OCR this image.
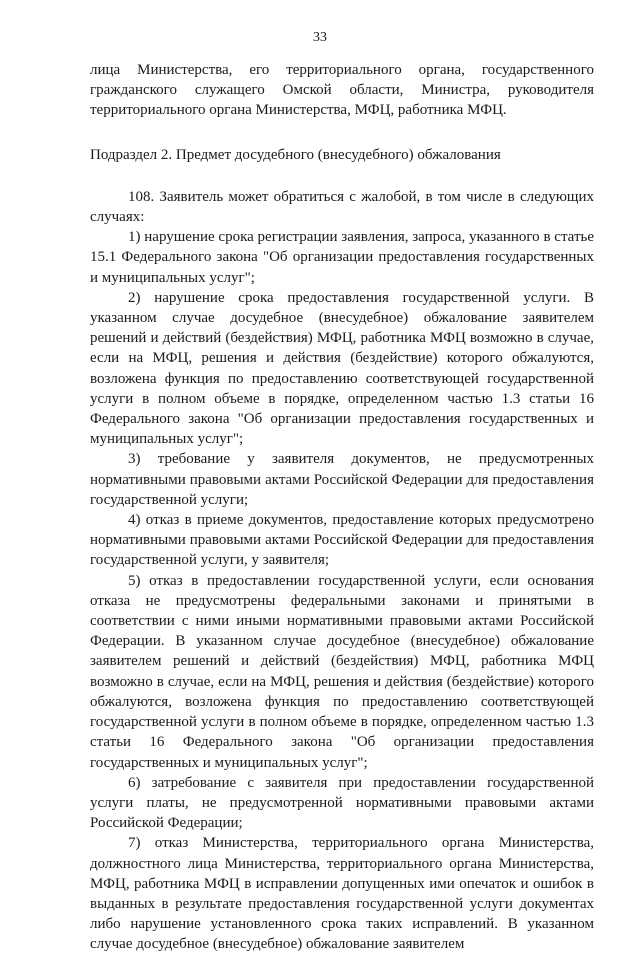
33

лица Министерства, его территориального органа, государственного гражданского служащего Омской области, Министра, руководителя территориального органа Министерства, МФЦ, работника МФЦ.

Подраздел 2. Предмет досудебного (внесудебного) обжалования

108. Заявитель может обратиться с жалобой, в том числе в следующих случаях:

1) нарушение срока регистрации заявления, запроса, указанного в статье 15.1 Федерального закона "Об организации предоставления государственных и муниципальных услуг";

2) нарушение срока предоставления государственной услуги. В указанном случае досудебное (внесудебное) обжалование заявителем решений и действий (бездействия) МФЦ, работника МФЦ возможно в случае, если на МФЦ, решения и действия (бездействие) которого обжалуются, возложена функция по предоставлению соответствующей государственной услуги в полном объеме в порядке, определенном частью 1.3 статьи 16 Федерального закона "Об организации предоставления государственных и муниципальных услуг";

3) требование у заявителя документов, не предусмотренных нормативными правовыми актами Российской Федерации для предоставления государственной услуги;

4) отказ в приеме документов, предоставление которых предусмотрено нормативными правовыми актами Российской Федерации для предоставления государственной услуги, у заявителя;

5) отказ в предоставлении государственной услуги, если основания отказа не предусмотрены федеральными законами и принятыми в соответствии с ними иными нормативными правовыми актами Российской Федерации. В указанном случае досудебное (внесудебное) обжалование заявителем решений и действий (бездействия) МФЦ, работника МФЦ возможно в случае, если на МФЦ, решения и действия (бездействие) которого обжалуются, возложена функция по предоставлению соответствующей государственной услуги в полном объеме в порядке, определенном частью 1.3 статьи 16 Федерального закона "Об организации предоставления государственных и муниципальных услуг";

6) затребование с заявителя при предоставлении государственной услуги платы, не предусмотренной нормативными правовыми актами Российской Федерации;

7) отказ Министерства, территориального органа Министерства, должностного лица Министерства, территориального органа Министерства, МФЦ, работника МФЦ в исправлении допущенных ими опечаток и ошибок в выданных в результате предоставления государственной услуги документах либо нарушение установленного срока таких исправлений. В указанном случае досудебное (внесудебное) обжалование заявителем
